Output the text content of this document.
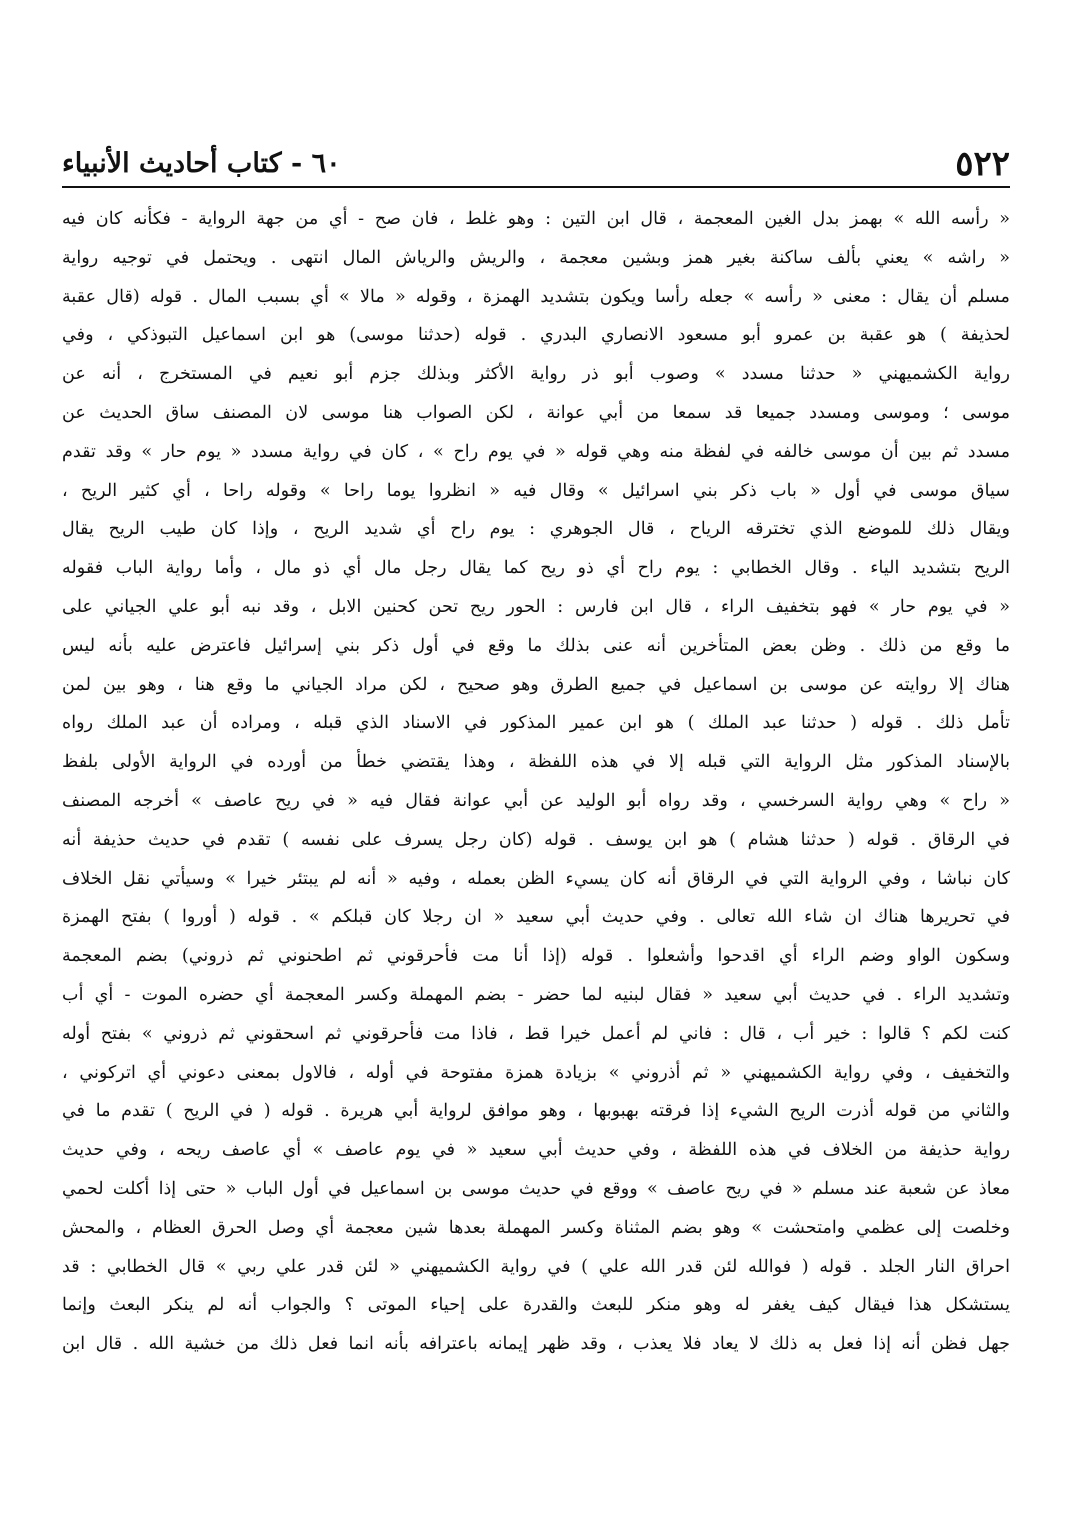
٥٢٢
٦٠ - كتاب أحاديث الأنبياء
« رأسه الله » بهمز بدل الغين المعجمة ، قال ابن التين : وهو غلط ، فان صح - أي من جهة الرواية - فكأنه كان فيه
« راشه » يعني بألف ساكنة بغير همز وبشين معجمة ، والريش والرياش المال انتهى . ويحتمل في توجيه رواية
مسلم أن يقال : معنى « رأسه » جعله رأسا ويكون بتشديد الهمزة ، وقوله « مالا » أي بسبب المال . قوله (قال عقبة
لحذيفة ) هو عقبة بن عمرو أبو مسعود الانصاري البدري . قوله (حدثنا موسى) هو ابن اسماعيل التبوذكي ، وفي
رواية الكشميهني « حدثنا مسدد » وصوب أبو ذر رواية الأكثر وبذلك جزم أبو نعيم في المستخرج ، أنه عن
موسى ؛ وموسى ومسدد جميعا قد سمعا من أبي عوانة ، لكن الصواب هنا موسى لان المصنف ساق الحديث عن
مسدد ثم بين أن موسى خالفه في لفظة منه وهي قوله « في يوم راح » ، كان في رواية مسدد « يوم حار » وقد تقدم
سياق موسى في أول « باب ذكر بني اسرائيل » وقال فيه « انظروا يوما راحا » وقوله راحا ، أي كثير الريح ،
ويقال ذلك للموضع الذي تخترقه الرياح ، قال الجوهري : يوم راح أي شديد الريح ، وإذا كان طيب الريح يقال
الريح بتشديد الياء . وقال الخطابي : يوم راح أي ذو ريح كما يقال رجل مال أي ذو مال ، وأما رواية الباب فقوله
« في يوم حار » فهو بتخفيف الراء ، قال ابن فارس : الحور ريح تحن كحنين الابل ، وقد نبه أبو علي الجياني على
ما وقع من ذلك . وظن بعض المتأخرين أنه عنى بذلك ما وقع في أول ذكر بني إسرائيل فاعترض عليه بأنه ليس
هناك إلا روايته عن موسى بن اسماعيل في جميع الطرق وهو صحيح ، لكن مراد الجياني ما وقع هنا ، وهو بين لمن
تأمل ذلك . قوله ( حدثنا عبد الملك ) هو ابن عمير المذكور في الاسناد الذي قبله ، ومراده أن عبد الملك رواه
بالإسناد المذكور مثل الرواية التي قبله إلا في هذه اللفظة ، وهذا يقتضي خطأ من أورده في الرواية الأولى بلفظ
« راح » وهي رواية السرخسي ، وقد رواه أبو الوليد عن أبي عوانة فقال فيه « في ريح عاصف » أخرجه المصنف
في الرقاق . قوله ( حدثنا هشام ) هو ابن يوسف . قوله (كان رجل يسرف على نفسه ) تقدم في حديث حذيفة أنه
كان نباشا ، وفي الرواية التي في الرقاق أنه كان يسيء الظن بعمله ، وفيه « أنه لم يبتئر خيرا » وسيأتي نقل الخلاف
في تحريرها هناك ان شاء الله تعالى . وفي حديث أبي سعيد « ان رجلا كان قبلكم » . قوله ( أوروا ) بفتح الهمزة
وسكون الواو وضم الراء أي اقدحوا وأشعلوا . قوله (إذا أنا مت فأحرقوني ثم اطحنوني ثم ذروني) بضم المعجمة
وتشديد الراء . في حديث أبي سعيد « فقال لبنيه لما حضر - بضم المهملة وكسر المعجمة أي حضره الموت - أي أب
كنت لكم ؟ قالوا : خير أب ، قال : فاني لم أعمل خيرا قط ، فاذا مت فأحرقوني ثم اسحقوني ثم ذروني » بفتح أوله
والتخفيف ، وفي رواية الكشميهني « ثم أذروني » بزيادة همزة مفتوحة في أوله ، فالاول بمعنى دعوني أي اتركوني ،
والثاني من قوله أذرت الريح الشيء إذا فرقته بهبوبها ، وهو موافق لرواية أبي هريرة . قوله ( في الريح ) تقدم ما في
رواية حذيفة من الخلاف في هذه اللفظة ، وفي حديث أبي سعيد « في يوم عاصف » أي عاصف ريحه ، وفي حديث
معاذ عن شعبة عند مسلم « في ريح عاصف » ووقع في حديث موسى بن اسماعيل في أول الباب « حتى إذا أكلت لحمي
وخلصت إلى عظمي وامتحشت » وهو بضم المثناة وكسر المهملة بعدها شين معجمة أي وصل الحرق العظام ، والمحش
احراق النار الجلد . قوله ( فوالله لئن قدر الله علي ) في رواية الكشميهني « لئن قدر علي ربي » قال الخطابي : قد
يستشكل هذا فيقال كيف يغفر له وهو منكر للبعث والقدرة على إحياء الموتى ؟ والجواب أنه لم ينكر البعث وإنما
جهل فظن أنه إذا فعل به ذلك لا يعاد فلا يعذب ، وقد ظهر إيمانه باعترافه بأنه انما فعل ذلك من خشية الله . قال ابن
